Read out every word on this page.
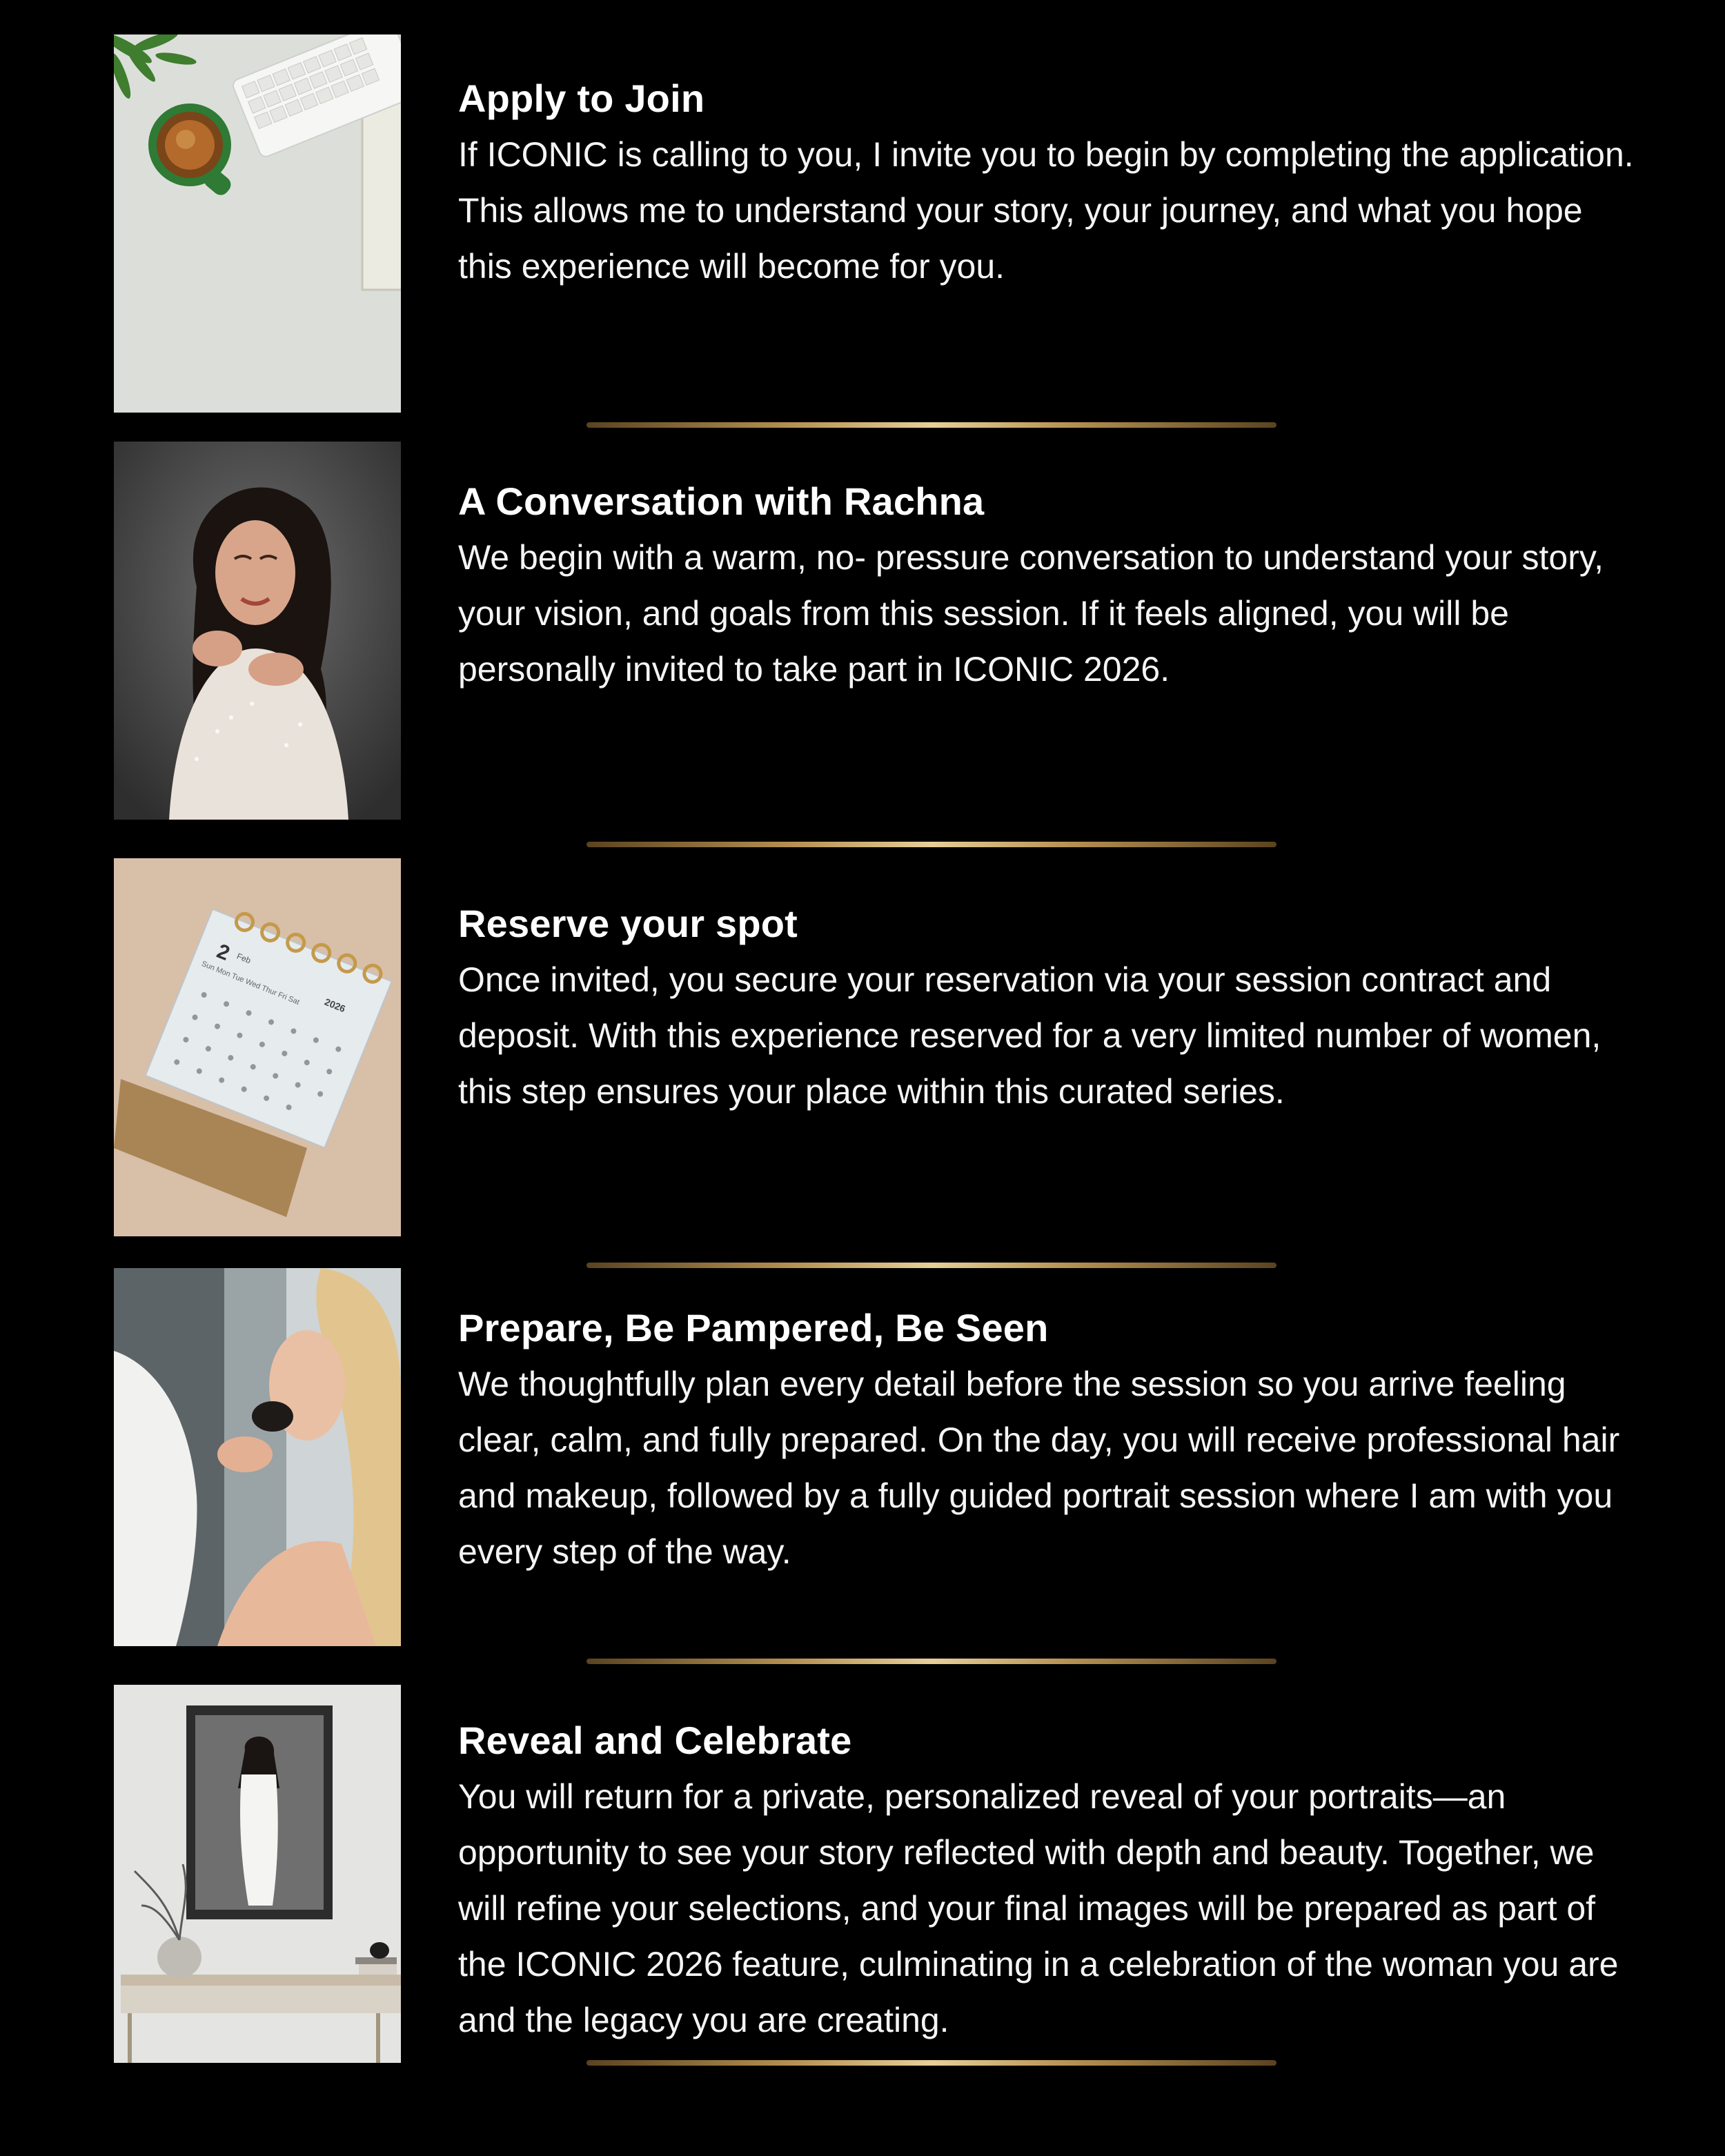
Apply to Join

If ICONIC is calling to you, I invite you to begin by completing the application. This allows me to understand your story, your journey, and what you hope this experience will become for you.

A Conversation with Rachna

We begin with a warm, no- pressure conversation to understand your story, your vision, and goals from this session. If it feels aligned, you will be personally invited to take part in ICONIC 2026.

2 Feb
2026
Sun Mon Tue Wed Thur Fri Sat
Reserve your spot

Once invited, you secure your reservation via your session contract and deposit. With this experience reserved for a very limited number of women, this step ensures your place within this curated series.

Prepare, Be Pampered, Be Seen

We thoughtfully plan every detail before the session so you arrive feeling clear, calm, and fully prepared. On the day, you will receive professional hair and makeup, followed by a fully guided portrait session where I am with you every step of the way.

Reveal and Celebrate

You will return for a private, personalized reveal of your portraits—an opportunity to see your story reflected with depth and beauty. Together, we will refine your selections, and your final images will be prepared as part of the ICONIC 2026 feature, culminating in a celebration of the woman you are and the legacy you are creating.
